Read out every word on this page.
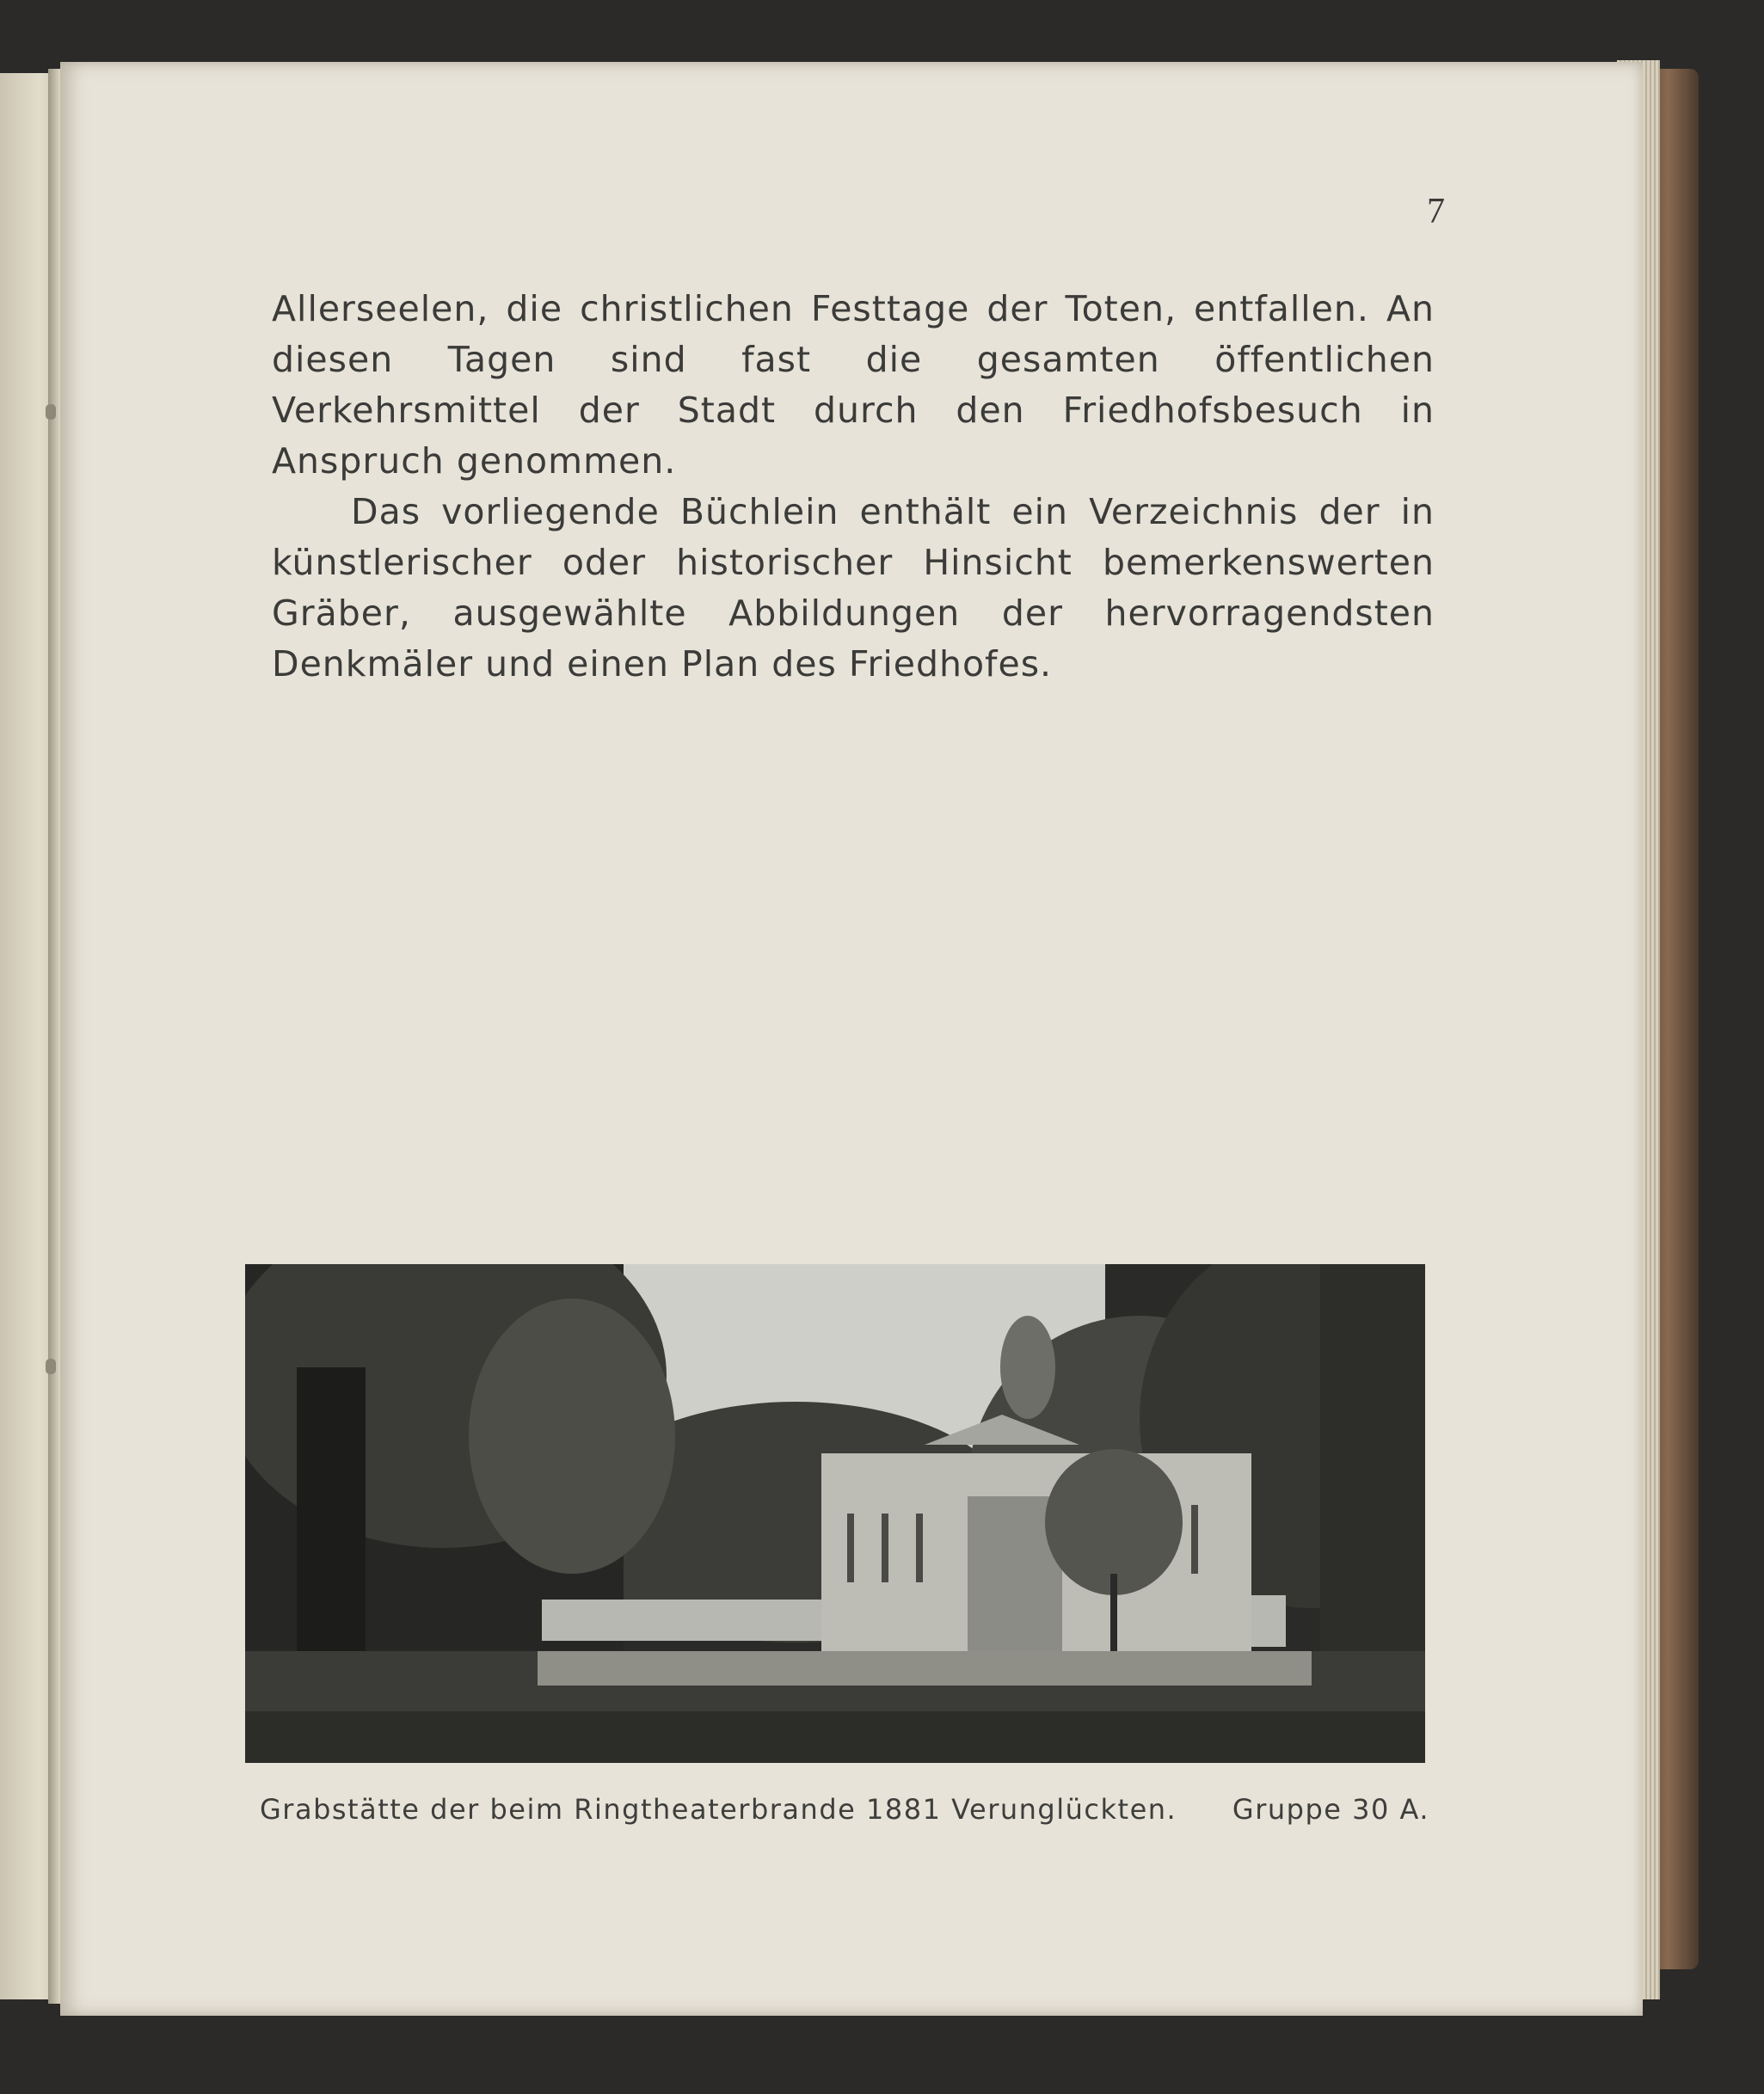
7

Allerseelen, die christlichen Festtage der Toten, entfallen. An diesen Tagen sind fast die gesamten öffentlichen Verkehrsmittel der Stadt durch den Friedhofsbesuch in Anspruch genommen.

Das vorliegende Büchlein enthält ein Verzeichnis der in künstlerischer oder historischer Hinsicht bemerkenswerten Gräber, ausgewählte Abbildungen der hervorragendsten Denkmäler und einen Plan des Friedhofes.

Grabstätte der beim Ringtheaterbrande 1881 Verunglückten. Gruppe 30 A.
